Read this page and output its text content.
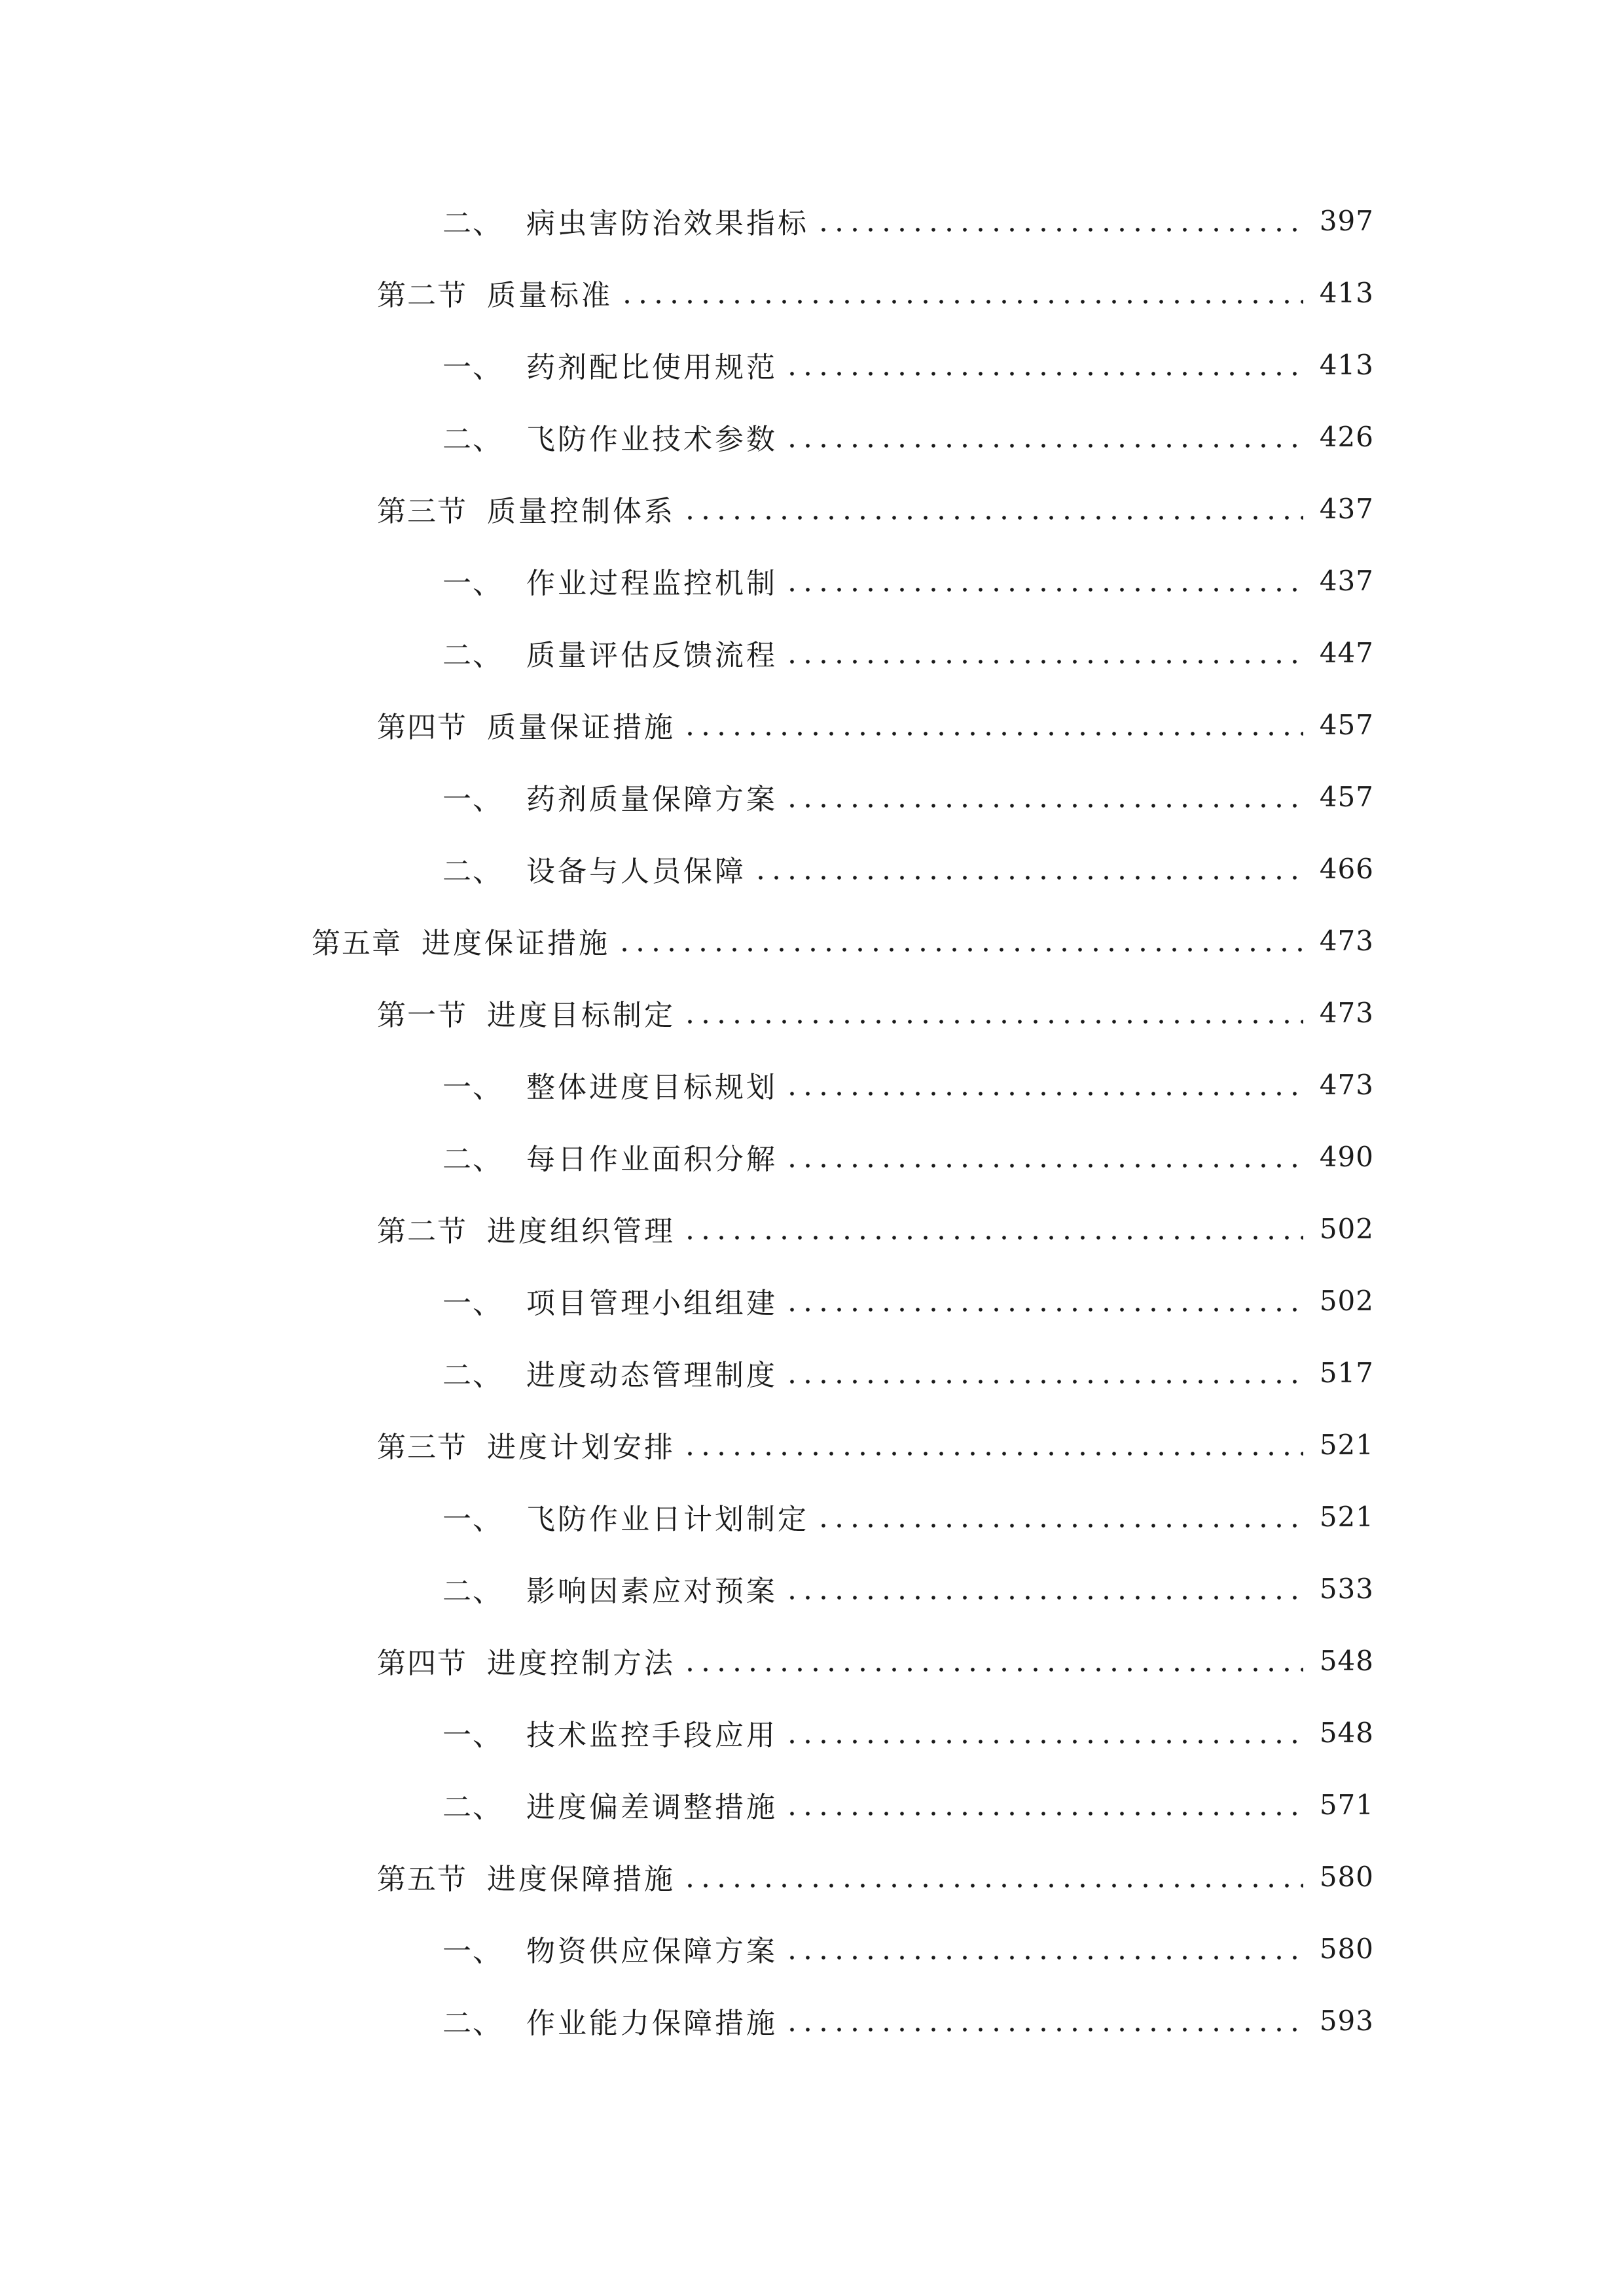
二、 病虫害防治效果指标	397
第二节 质量标准	413
一、 药剂配比使用规范	413
二、 飞防作业技术参数	426
第三节 质量控制体系	437
一、 作业过程监控机制	437
二、 质量评估反馈流程	447
第四节 质量保证措施	457
一、 药剂质量保障方案	457
二、 设备与人员保障	466
第五章 进度保证措施	473
第一节 进度目标制定	473
一、 整体进度目标规划	473
二、 每日作业面积分解	490
第二节 进度组织管理	502
一、 项目管理小组组建	502
二、 进度动态管理制度	517
第三节 进度计划安排	521
一、 飞防作业日计划制定	521
二、 影响因素应对预案	533
第四节 进度控制方法	548
一、 技术监控手段应用	548
二、 进度偏差调整措施	571
第五节 进度保障措施	580
一、 物资供应保障方案	580
二、 作业能力保障措施	593
